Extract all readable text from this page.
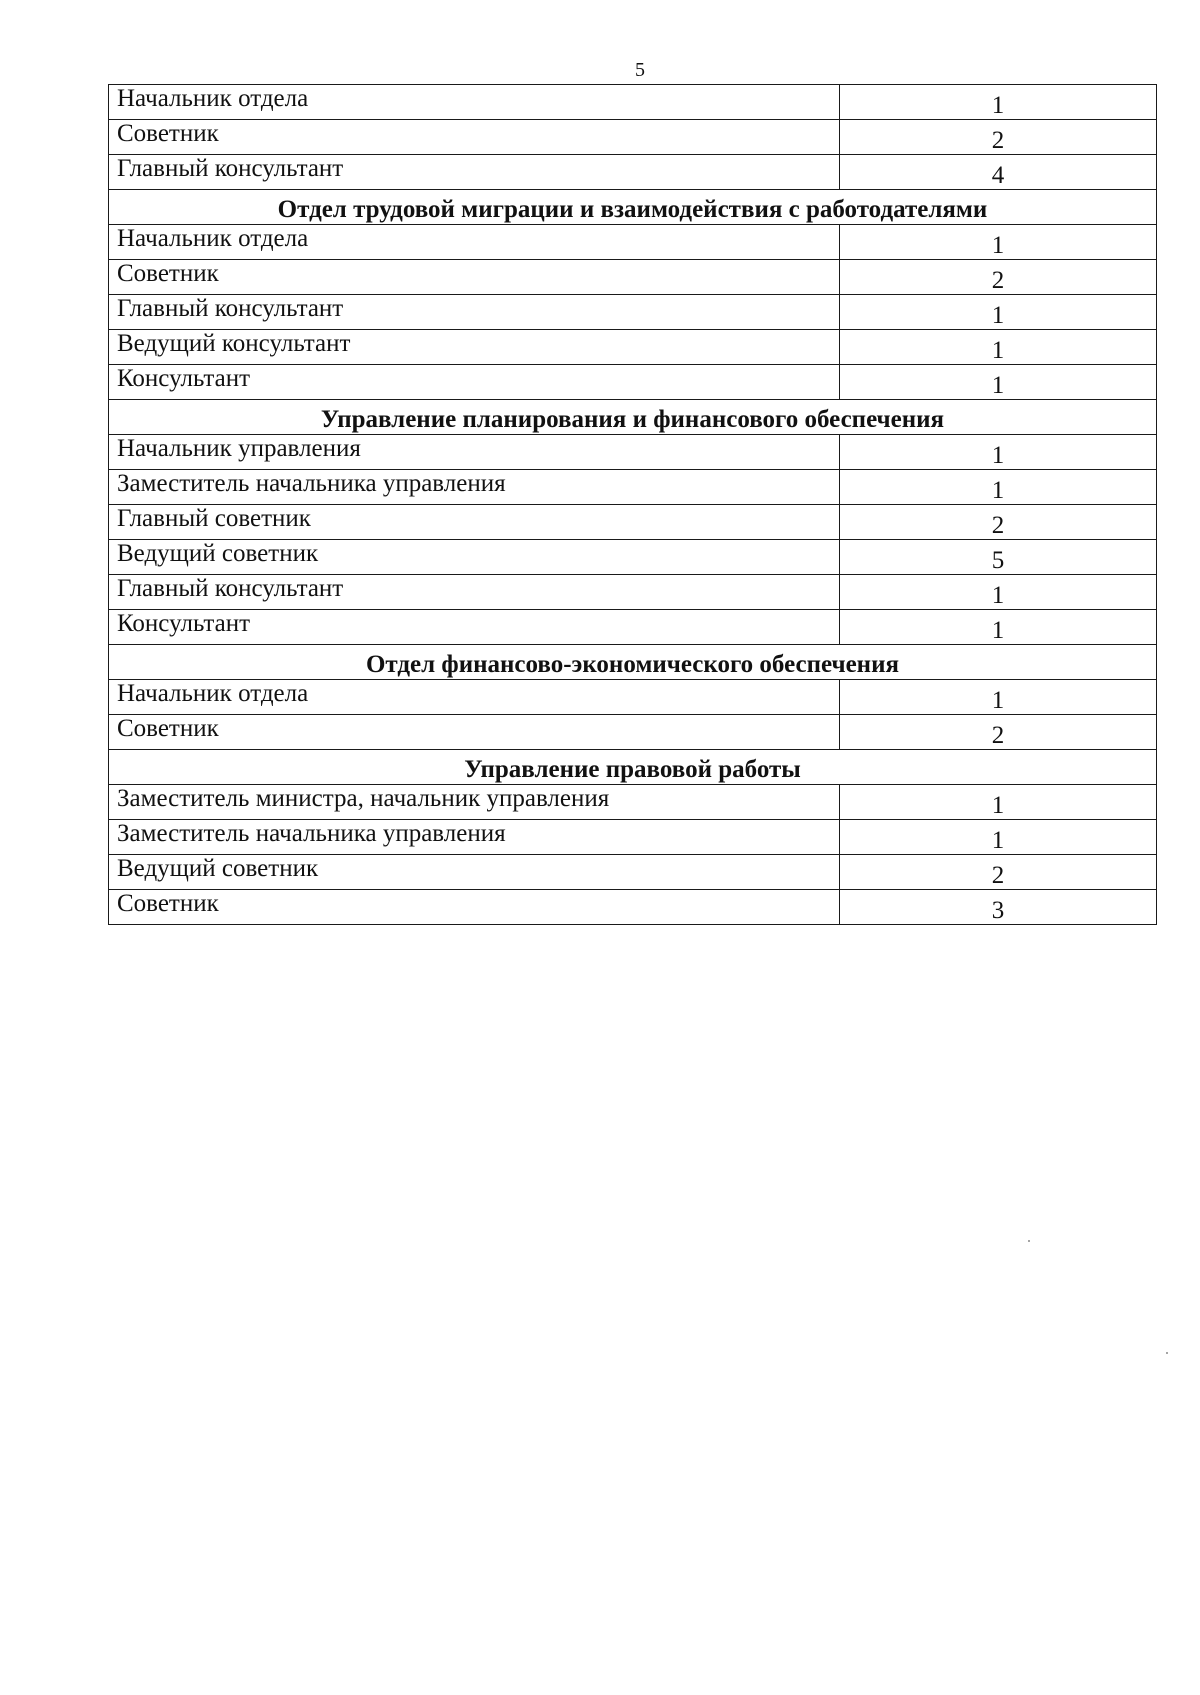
5
Начальник отдела	1
Советник	2
Главный консультант	4
Отдел трудовой миграции и взаимодействия с работодателями	
Начальник отдела	1
Советник	2
Главный консультант	1
Ведущий консультант	1
Консультант	1
Управление планирования и финансового обеспечения	
Начальник управления	1
Заместитель начальника управления	1
Главный советник	2
Ведущий советник	5
Главный консультант	1
Консультант	1
Отдел финансово-экономического обеспечения	
Начальник отдела	1
Советник	2
Управление правовой работы	
Заместитель министра, начальник управления	1
Заместитель начальника управления	1
Ведущий советник	2
Советник	3
